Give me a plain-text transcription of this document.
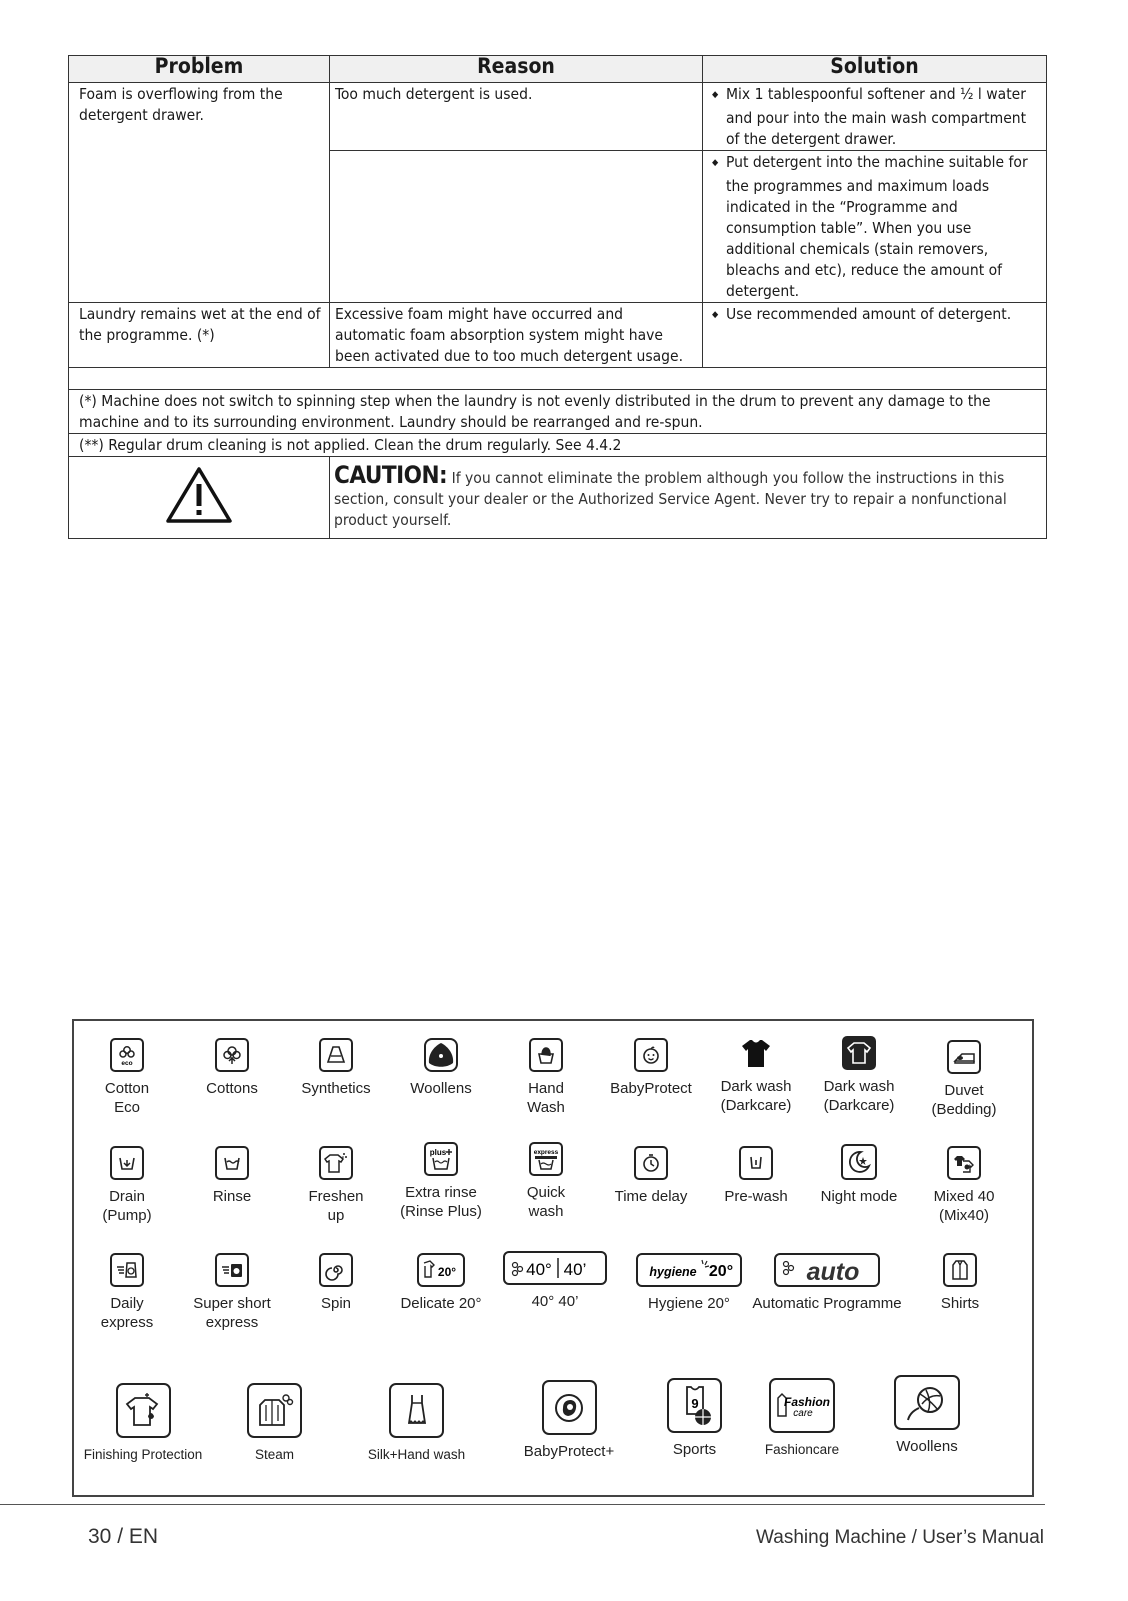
Problem	Reason	Solution
Foam is overflowing from the detergent drawer.	Too much detergent is used.	◆ Mix 1 tablespoonful softener and ½ l water and pour into the main wash compartment of the detergent drawer.

		◆ Put detergent into the machine suitable for the programmes and maximum loads indicated in the “Programme and consumption table”. When you use additional chemicals (stain removers, bleachs and etc), reduce the amount of detergent.

Laundry remains wet at the end of the programme. (*)	Excessive foam might have occurred and automatic foam absorption system might have been activated due to too much detergent usage.	◆ Use recommended amount of detergent.

(*) Machine does not switch to spinning step when the laundry is not evenly distributed in the drum to prevent any damage to the machine and to its surrounding environment. Laundry should be rearranged and re-spun.		
(**) Regular drum cleaning is not applied. Clean the drum regularly. See 4.4.2		
	CAUTION: If you cannot eliminate the problem although you follow the instructions in this section, consult your dealer or the Authorized Service Agent. Never try to repair a nonfunctional product yourself.	
eco
Cotton
Eco
Cottons	Synthetics	Woollens	Hand
Wash
BabyProtect	Dark wash
(Darkcare)
Dark wash
(Darkcare)
Duvet
(Bedding)
Drain
(Pump)
Rinse	Freshen
up
plus
Extra rinse
(Rinse Plus)
express
Quick
wash
Time delay	Pre-wash	Night mode	Mixed 40
(Mix40)
Daily
express
Super short
express
Spin
20°
Delicate 20°
40° 40’
40° 40’
hygiene 20°
Hygiene 20°
auto
Automatic Programme	Shirts
Finishing Protection	Steam	Silk+Hand wash	BabyProtect+
9
Sports
Fashion
care
Fashioncare	Woollens
30 / EN	Washing Machine / User’s Manual
